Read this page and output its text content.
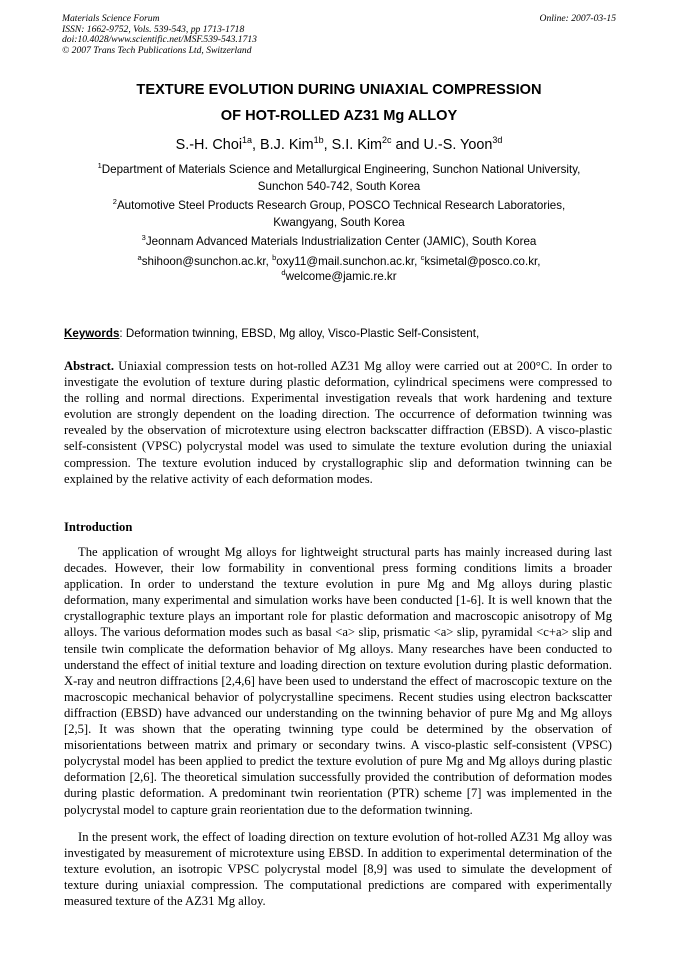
Materials Science Forum	Online: 2007-03-15
ISSN: 1662-9752, Vols. 539-543, pp 1713-1718
doi:10.4028/www.scientific.net/MSF.539-543.1713
© 2007 Trans Tech Publications Ltd, Switzerland
TEXTURE EVOLUTION DURING UNIAXIAL COMPRESSION
OF HOT-ROLLED AZ31 Mg ALLOY
S.-H. Choi$^{1a}$, B.J. Kim$^{1b}$, S.I. Kim$^{2c}$ and U.-S. Yoon$^{3d}$
$^1$Department of Materials Science and Metallurgical Engineering, Sunchon National University,
Sunchon 540-742, South Korea
$^2$Automotive Steel Products Research Group, POSCO Technical Research Laboratories,
Kwangyang, South Korea
$^3$Jeonnam Advanced Materials Industrialization Center (JAMIC), South Korea
$^a$shihoon@sunchon.ac.kr, $^b$oxy11@mail.sunchon.ac.kr, $^c$ksimetal@posco.co.kr,
$^d$welcome@jamic.re.kr
Keywords: Deformation twinning, EBSD, Mg alloy, Visco-Plastic Self-Consistent,
Abstract. Uniaxial compression tests on hot-rolled AZ31 Mg alloy were carried out at 200°C. In order to investigate the evolution of texture during plastic deformation, cylindrical specimens were compressed to the rolling and normal directions. Experimental investigation reveals that work hardening and texture evolution are strongly dependent on the loading direction. The occurrence of deformation twinning was revealed by the observation of microtexture using electron backscatter diffraction (EBSD). A visco-plastic self-consistent (VPSC) polycrystal model was used to simulate the texture evolution during the uniaxial compression. The texture evolution induced by crystallographic slip and deformation twinning can be explained by the relative activity of each deformation modes.
Introduction
The application of wrought Mg alloys for lightweight structural parts has mainly increased during last decades. However, their low formability in conventional press forming conditions limits a broader application. In order to understand the texture evolution in pure Mg and Mg alloys during plastic deformation, many experimental and simulation works have been conducted [1-6]. It is well known that the crystallographic texture plays an important role for plastic deformation and macroscopic anisotropy of Mg alloys. The various deformation modes such as basal <a> slip, prismatic <a> slip, pyramidal <c+a> slip and tensile twin complicate the deformation behavior of Mg alloys. Many researches have been conducted to understand the effect of initial texture and loading direction on texture evolution during plastic deformation. X-ray and neutron diffractions [2,4,6] have been used to understand the effect of macroscopic texture on the macroscopic mechanical behavior of polycrystalline specimens. Recent studies using electron backscatter diffraction (EBSD) have advanced our understanding on the twinning behavior of pure Mg and Mg alloys [2,5]. It was shown that the operating twinning type could be determined by the observation of misorientations between matrix and primary or secondary twins. A visco-plastic self-consistent (VPSC) polycrystal model has been applied to predict the texture evolution of pure Mg and Mg alloys during plastic deformation [2,6]. The theoretical simulation successfully provided the contribution of deformation modes during plastic deformation. A predominant twin reorientation (PTR) scheme [7] was implemented in the polycrystal model to capture grain reorientation due to the deformation twinning.
In the present work, the effect of loading direction on texture evolution of hot-rolled AZ31 Mg alloy was investigated by measurement of microtexture using EBSD. In addition to experimental determination of the texture evolution, an isotropic VPSC polycrystal model [8,9] was used to simulate the development of texture during uniaxial compression. The computational predictions are compared with experimentally measured texture of the AZ31 Mg alloy.
